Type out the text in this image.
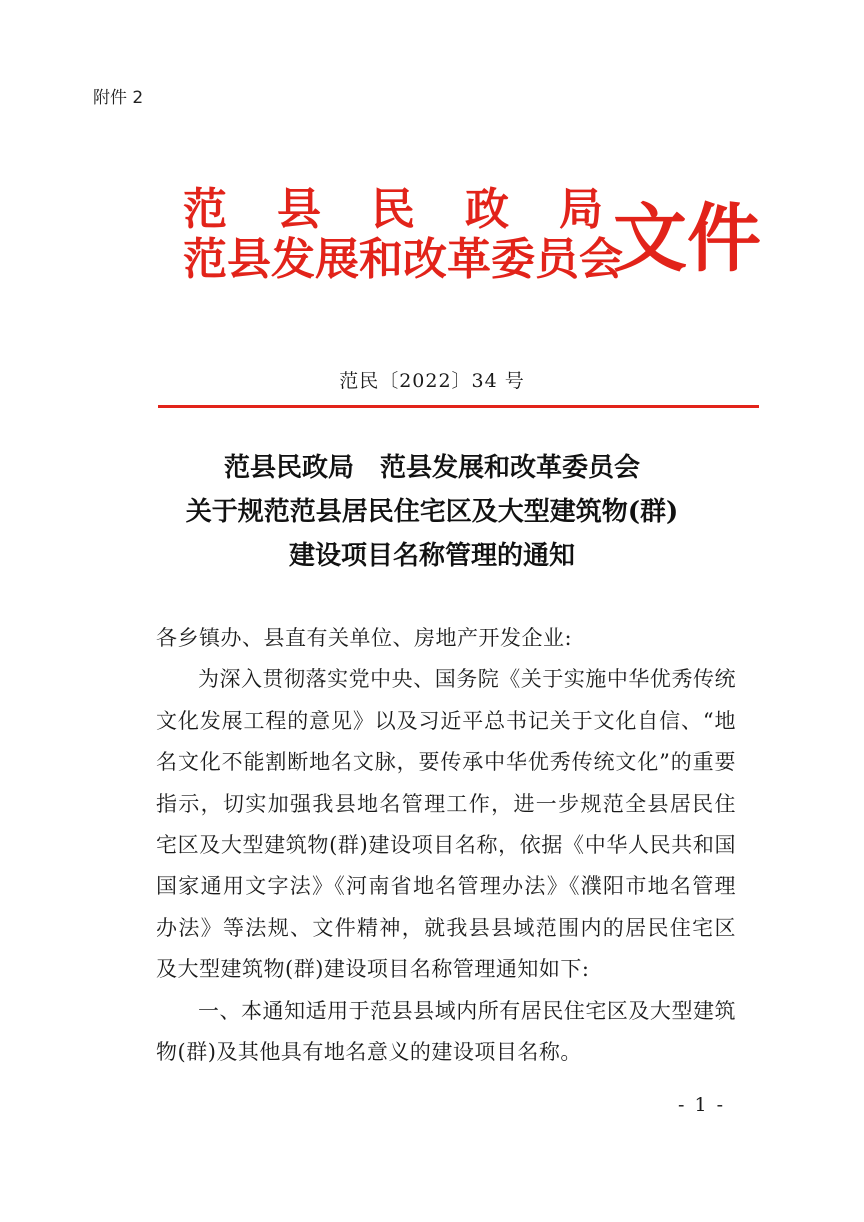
附件 2
范 县 民 政 局
范县发展和改革委员会
文件
范民〔2022〕34 号
范县民政局　范县发展和改革委员会
关于规范范县居民住宅区及大型建筑物(群)
建设项目名称管理的通知

各乡镇办、县直有关单位、房地产开发企业:

为深入贯彻落实党中央、国务院《关于实施中华优秀传统文化发展工程的意见》以及习近平总书记关于文化自信、“地名文化不能割断地名文脉，要传承中华优秀传统文化”的重要指示，切实加强我县地名管理工作，进一步规范全县居民住宅区及大型建筑物(群)建设项目名称，依据《中华人民共和国国家通用文字法》《河南省地名管理办法》《濮阳市地名管理办法》等法规、文件精神，就我县县域范围内的居民住宅区及大型建筑物(群)建设项目名称管理通知如下:

一、本通知适用于范县县域内所有居民住宅区及大型建筑物(群)及其他具有地名意义的建设项目名称。

- 1 -
